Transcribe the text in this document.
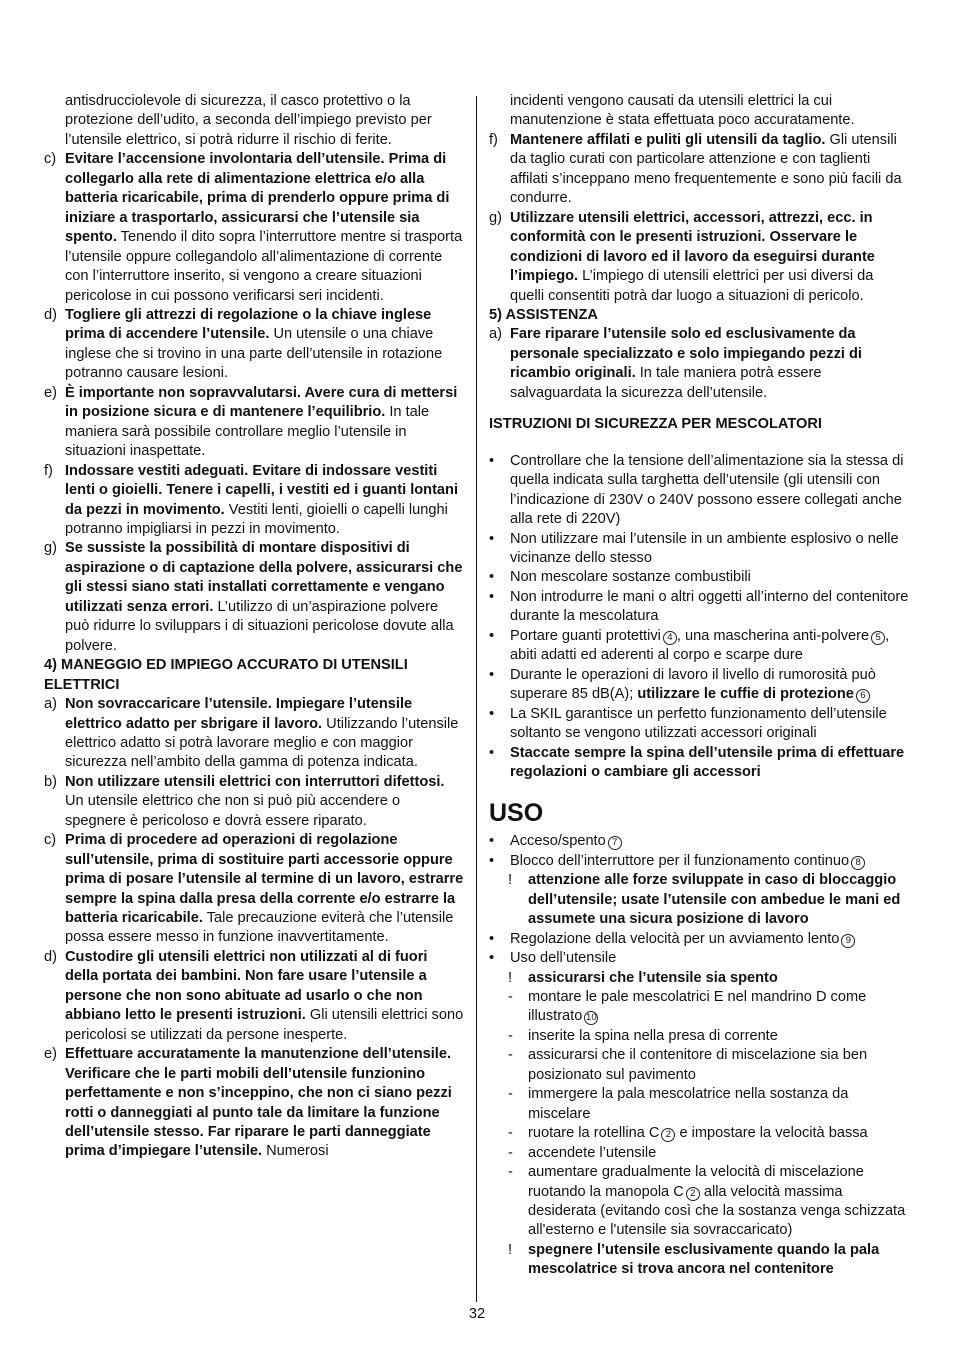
antisdrucciolevole di sicurezza, il casco protettivo o la protezione dell’udito, a seconda dell’impiego previsto per l’utensile elettrico, si potrà ridurre il rischio di ferite.
c) Evitare l’accensione involontaria dell’utensile. Prima di collegarlo alla rete di alimentazione elettrica e/o alla batteria ricaricabile, prima di prenderlo oppure prima di iniziare a trasportarlo, assicurarsi che l’utensile sia spento. Tenendo il dito sopra l’interruttore mentre si trasporta l’utensile oppure collegandolo all’alimentazione di corrente con l’interruttore inserito, si vengono a creare situazioni pericolose in cui possono verificarsi seri incidenti.
d) Togliere gli attrezzi di regolazione o la chiave inglese prima di accendere l’utensile. Un utensile o una chiave inglese che si trovino in una parte dell’utensile in rotazione potranno causare lesioni.
e) È importante non sopravvalutarsi. Avere cura di mettersi in posizione sicura e di mantenere l’equilibrio. In tale maniera sarà possibile controllare meglio l’utensile in situazioni inaspettate.
f) Indossare vestiti adeguati. Evitare di indossare vestiti lenti o gioielli. Tenere i capelli, i vestiti ed i guanti lontani da pezzi in movimento. Vestiti lenti, gioielli o capelli lunghi potranno impigliarsi in pezzi in movimento.
g) Se sussiste la possibilità di montare dispositivi di aspirazione o di captazione della polvere, assicurarsi che gli stessi siano stati installati correttamente e vengano utilizzati senza errori. L’utilizzo di un’aspirazione polvere può ridurre lo sviluppars i di situazioni pericolose dovute alla polvere.
4) MANEGGIO ED IMPIEGO ACCURATO DI UTENSILI ELETTRICI
a) Non sovraccaricare l’utensile. Impiegare l’utensile elettrico adatto per sbrigare il lavoro. Utilizzando l’utensile elettrico adatto si potrà lavorare meglio e con maggior sicurezza nell’ambito della gamma di potenza indicata.
b) Non utilizzare utensili elettrici con interruttori difettosi. Un utensile elettrico che non si può più accendere o spegnere è pericoloso e dovrà essere riparato.
c) Prima di procedere ad operazioni di regolazione sull’utensile, prima di sostituire parti accessorie oppure prima di posare l’utensile al termine di un lavoro, estrarre sempre la spina dalla presa della corrente e/o estrarre la batteria ricaricabile. Tale precauzione eviterà che l’utensile possa essere messo in funzione inavvertitamente.
d) Custodire gli utensili elettrici non utilizzati al di fuori della portata dei bambini. Non fare usare l’utensile a persone che non sono abituate ad usarlo o che non abbiano letto le presenti istruzioni. Gli utensili elettrici sono pericolosi se utilizzati da persone inesperte.
e) Effettuare accuratamente la manutenzione dell’utensile. Verificare che le parti mobili dell’utensile funzionino perfettamente e non s’inceppino, che non ci siano pezzi rotti o danneggiati al punto tale da limitare la funzione dell’utensile stesso. Far riparare le parti danneggiate prima d’impiegare l’utensile. Numerosi
incidenti vengono causati da utensili elettrici la cui manutenzione è stata effettuata poco accuratamente.
f) Mantenere affilati e puliti gli utensili da taglio. Gli utensili da taglio curati con particolare attenzione e con taglienti affilati s’inceppano meno frequentemente e sono più facili da condurre.
g) Utilizzare utensili elettrici, accessori, attrezzi, ecc. in conformità con le presenti istruzioni. Osservare le condizioni di lavoro ed il lavoro da eseguirsi durante l’impiego. L’impiego di utensili elettrici per usi diversi da quelli consentiti potrà dar luogo a situazioni di pericolo.
5) ASSISTENZA
a) Fare riparare l’utensile solo ed esclusivamente da personale specializzato e solo impiegando pezzi di ricambio originali. In tale maniera potrà essere salvaguardata la sicurezza dell’utensile.
ISTRUZIONI DI SICUREZZA PER MESCOLATORI
• Controllare che la tensione dell’alimentazione sia la stessa di quella indicata sulla targhetta dell’utensile (gli utensili con l’indicazione di 230V o 240V possono essere collegati anche alla rete di 220V)
• Non utilizzare mai l’utensile in un ambiente esplosivo o nelle vicinanze dello stesso
• Non mescolare sostanze combustibili
• Non introdurre le mani o altri oggetti all’interno del contenitore durante la mescolatura
• Portare guanti protettivi 4 , una mascherina anti-polvere 5 , abiti adatti ed aderenti al corpo e scarpe dure
• Durante le operazioni di lavoro il livello di rumorosità può superare 85 dB(A); utilizzare le cuffie di protezione 6
• La SKIL garantisce un perfetto funzionamento dell’utensile soltanto se vengono utilizzati accessori originali
• Staccate sempre la spina dell’utensile prima di effettuare regolazioni o cambiare gli accessori
USO
• Acceso/spento 7
• Blocco dell’interruttore per il funzionamento continuo 8
! attenzione alle forze sviluppate in caso di bloccaggio dell’utensile; usate l’utensile con ambedue le mani ed assumete una sicura posizione di lavoro
• Regolazione della velocità per un avviamento lento 9
• Uso dell’utensile
! assicurarsi che l’utensile sia spento
- montare le pale mescolatrici E nel mandrino D come illustrato 10
- inserite la spina nella presa di corrente
- assicurarsi che il contenitore di miscelazione sia ben posizionato sul pavimento
- immergere la pala mescolatrice nella sostanza da miscelare
- ruotare la rotellina C 2 e impostare la velocità bassa
- accendete l’utensile
- aumentare gradualmente la velocità di miscelazione ruotando la manopola C 2 alla velocità massima desiderata (evitando così che la sostanza venga schizzata all'esterno e l'utensile sia sovraccaricato)
! spegnere l’utensile esclusivamente quando la pala mescolatrice si trova ancora nel contenitore
32
